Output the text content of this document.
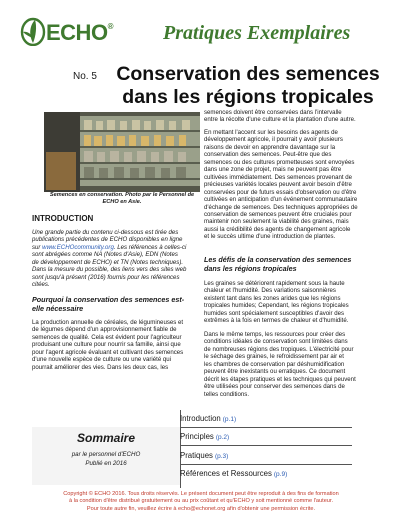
ECHO®	Pratiques Exemplaires
No. 5 Conservation des semences
dans les régions tropicales
Semences en conservation. Photo par le Personnel de
ECHO en Asie.
INTRODUCTION
Une grande partie du contenu ci-dessous est tirée des
publications précédentes de ECHO disponibles en ligne
sur www.ECHOcommunity.org. Les références à celles-ci
sont abrégées comme NA (Notes d'Asie), EDN (Notes
de développement de ECHO) et TN (Notes techniques).
Dans la mesure du possible, des liens vers des sites web
sont jusqu'à présent (2016) fournis pour les références
citées.
Pourquoi la conservation des semences est-
elle nécessaire
La production annuelle de céréales, de légumineuses et
de légumes dépend d'un approvisionnement fiable de
semences de qualité. Cela est évident pour l'agriculteur
produisant une culture pour nourrir sa famille, ainsi que
pour l'agent agricole évaluant et cultivant des semences
d'une nouvelle espèce de culture ou une variété qui
pourrait améliorer des vies. Dans les deux cas, les
semences doivent être conservées dans l'intervalle
entre la récolte d'une culture et la plantation d'une autre.
En mettant l'accent sur les besoins des agents de
développement agricole, il pourrait y avoir plusieurs
raisons de devoir en apprendre davantage sur la
conservation des semences. Peut-être que des
semences ou des cultures prometteuses sont envoyées
dans une zone de projet, mais ne peuvent pas être
cultivées immédiatement. Des semences provenant de
précieuses variétés locales peuvent avoir besoin d'être
conservées pour de futurs essais d'observation ou d'être
cultivées en anticipation d'un événement communautaire
d'échange de semences. Des techniques appropriées de
conservation de semences peuvent être cruciales pour
maintenir non seulement la viabilité des graines, mais
aussi la crédibilité des agents de changement agricole
et le succès ultime d'une introduction de plantes.
Les défis de la conservation des semences
dans les régions tropicales
Les graines se détériorent rapidement sous la haute
chaleur et l'humidité. Des variations saisonnières
existent tant dans les zones arides que les régions
tropicales humides; Cependant, les régions tropicales
humides sont spécialement susceptibles d'avoir des
extrêmes à la fois en termes de chaleur et d'humidité.
Dans le même temps, les ressources pour créer des
conditions idéales de conservation sont limitées dans
de nombreuses régions des tropiques. L'électricité pour
le séchage des graines, le refroidissement par air et
les chambres de conservation par déshumidification
peuvent être inexistants ou erratiques. Ce document
décrit les étapes pratiques et les techniques qui peuvent
être utilisées pour conserver des semences dans de
telles conditions.
Sommaire
par le personnel d'ECHO
Publié en 2016
Introduction (p.1)
Principles (p.2)
Pratiques (p.3)
Références et Ressources (p.9)
Copyright © ECHO 2016. Tous droits réservés. Le présent document peut être reproduit à des fins de formation
à la condition d'être distribué gratuitement ou au prix coûtant et qu'ECHO y soit mentionné comme l'auteur.
Pour toute autre fin, veuillez écrire à echo@echonet.org afin d'obtenir une permission écrite.
